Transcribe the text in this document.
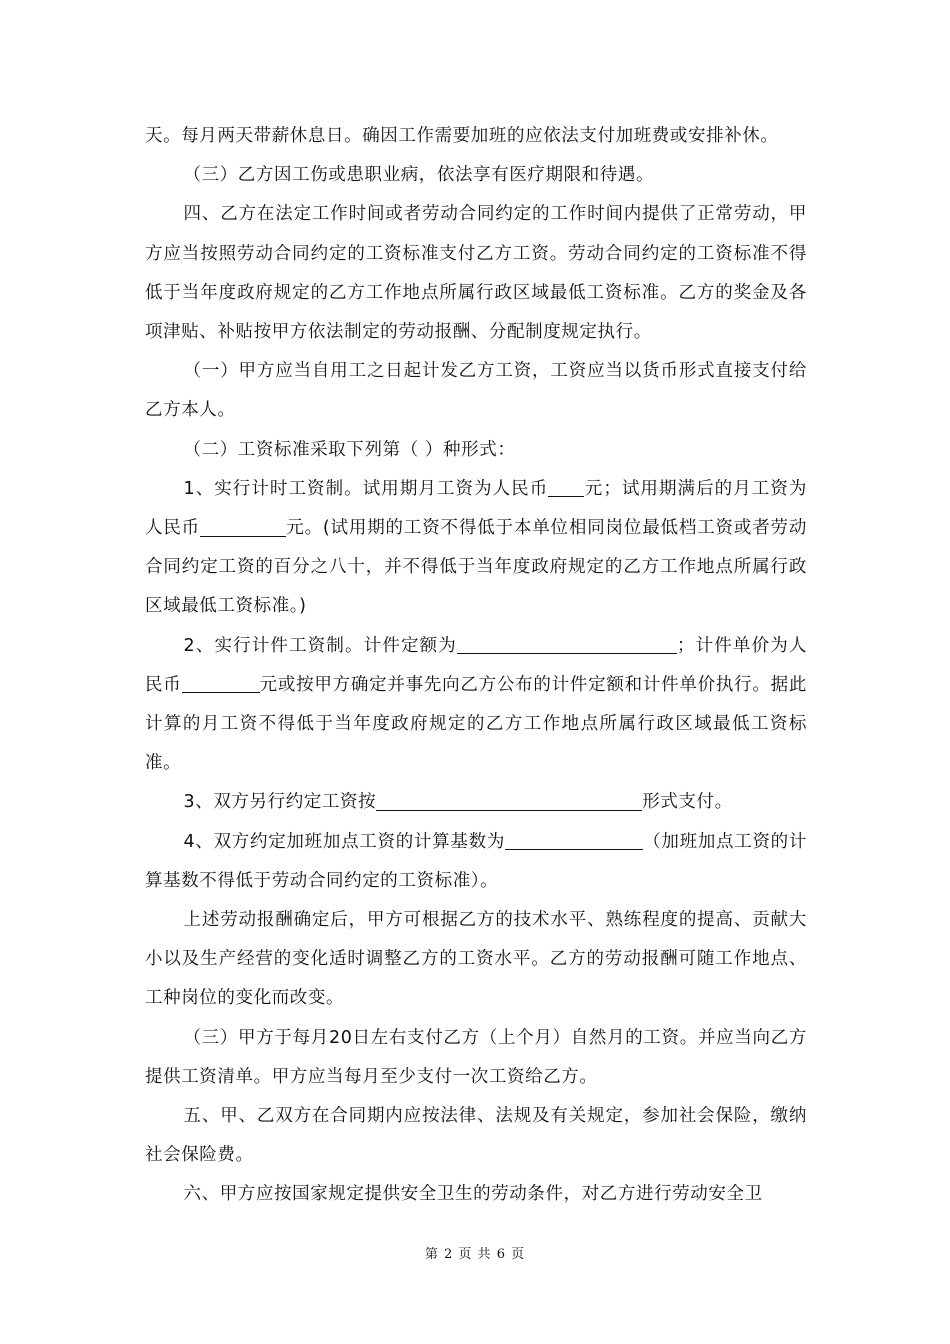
天。每月两天带薪休息日。确因工作需要加班的应依法支付加班费或安排补休。

（三）乙方因工伤或患职业病，依法享有医疗期限和待遇。

四、乙方在法定工作时间或者劳动合同约定的工作时间内提供了正常劳动，甲方应当按照劳动合同约定的工资标准支付乙方工资。劳动合同约定的工资标准不得低于当年度政府规定的乙方工作地点所属行政区域最低工资标准。乙方的奖金及各项津贴、补贴按甲方依法制定的劳动报酬、分配制度规定执行。

（一）甲方应当自用工之日起计发乙方工资，工资应当以货币形式直接支付给乙方本人。

（二）工资标准采取下列第（ ）种形式：

1、实行计时工资制。试用期月工资为人民币 元；试用期满后的月工资为人民币	元。(试用期的工资不得低于本单位相同岗位最低档工资或者劳动合同约定工资的百分之八十，并不得低于当年度政府规定的乙方工作地点所属行政区域最低工资标准。)

2、实行计件工资制。计件定额为	；计件单价为人民币	元或按甲方确定并事先向乙方公布的计件定额和计件单价执行。据此计算的月工资不得低于当年度政府规定的乙方工作地点所属行政区域最低工资标准。

3、双方另行约定工资按	形式支付。

4、双方约定加班加点工资的计算基数为	（加班加点工资的计算基数不得低于劳动合同约定的工资标准）。

上述劳动报酬确定后，甲方可根据乙方的技术水平、熟练程度的提高、贡献大小以及生产经营的变化适时调整乙方的工资水平。乙方的劳动报酬可随工作地点、工种岗位的变化而改变。

（三）甲方于每月20日左右支付乙方（上个月）自然月的工资。并应当向乙方提供工资清单。甲方应当每月至少支付一次工资给乙方。

五、甲、乙双方在合同期内应按法律、法规及有关规定，参加社会保险，缴纳社会保险费。

六、甲方应按国家规定提供安全卫生的劳动条件，对乙方进行劳动安全卫

第 2 页 共 6 页
